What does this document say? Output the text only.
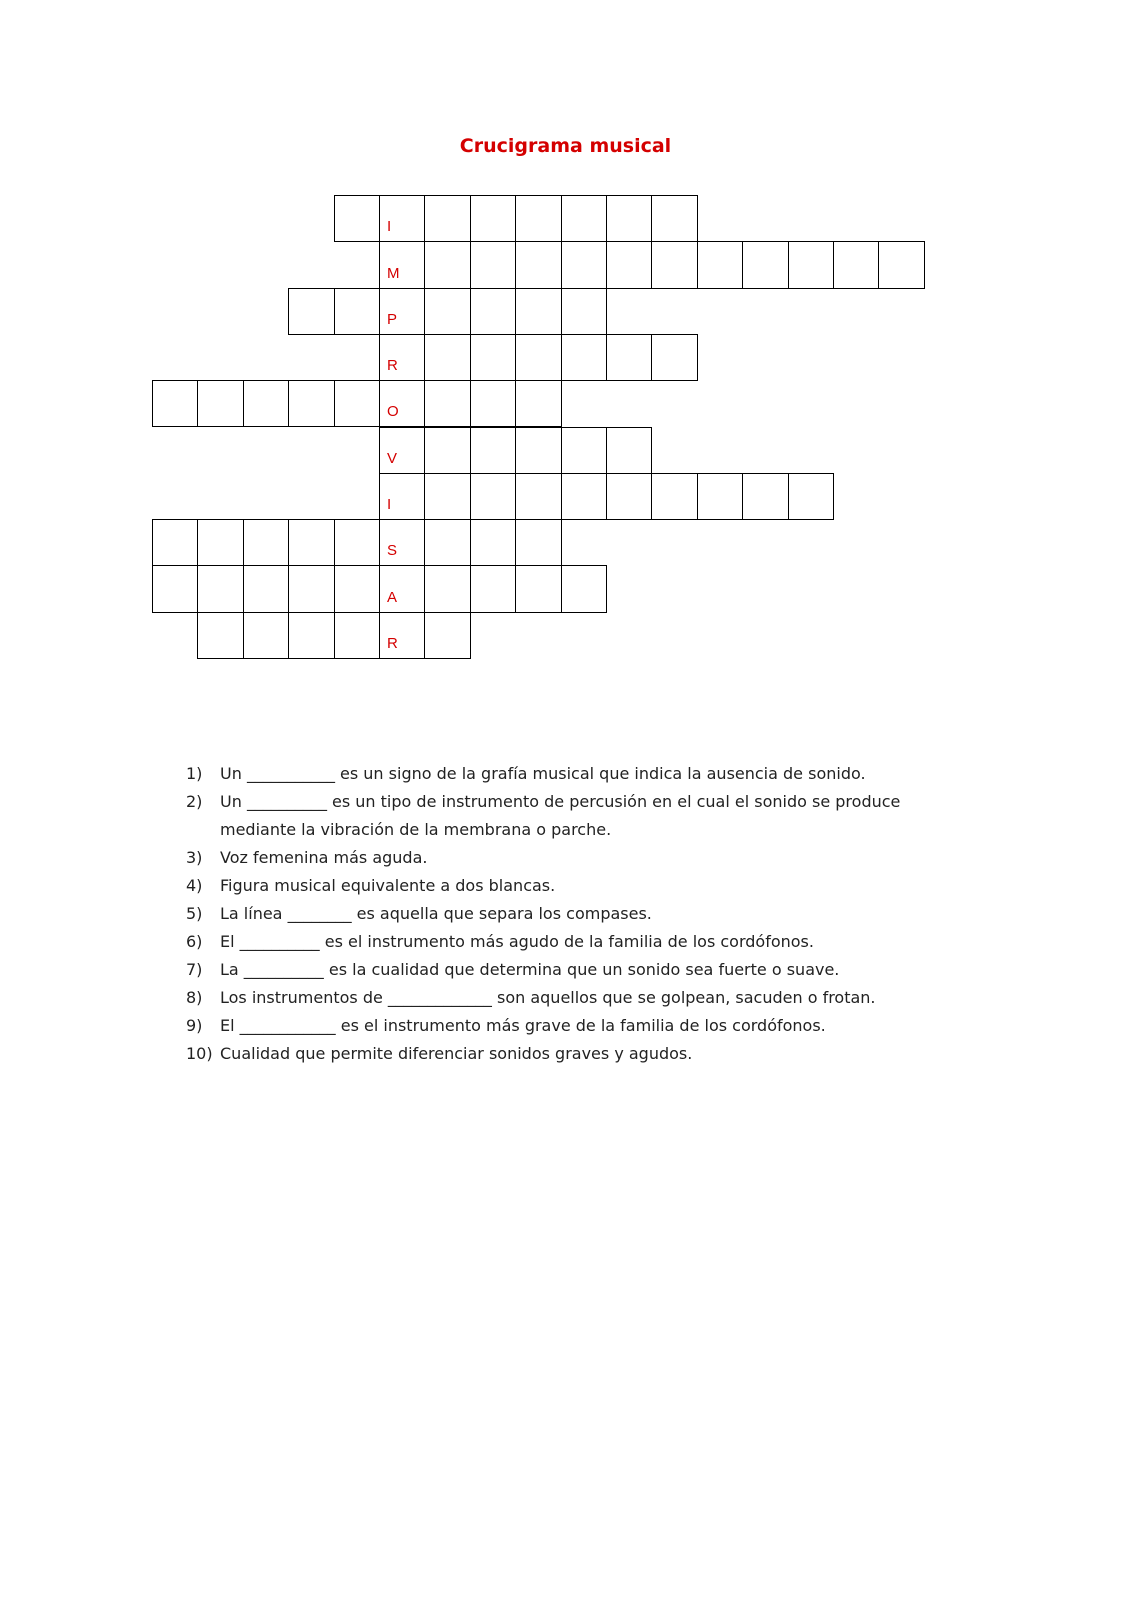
Crucigrama musical
I
M
P
R
O
V
I
S
A
R
1) Un ___________ es un signo de la grafía musical que indica la ausencia de sonido.
2) Un __________ es un tipo de instrumento de percusión en el cual el sonido se produce mediante la vibración de la membrana o parche.
3) Voz femenina más aguda.
4) Figura musical equivalente a dos blancas.
5) La línea ________ es aquella que separa los compases.
6) El __________ es el instrumento más agudo de la familia de los cordófonos.
7) La __________ es la cualidad que determina que un sonido sea fuerte o suave.
8) Los instrumentos de _____________ son aquellos que se golpean, sacuden o frotan.
9) El ____________ es el instrumento más grave de la familia de los cordófonos.
10) Cualidad que permite diferenciar sonidos graves y agudos.
